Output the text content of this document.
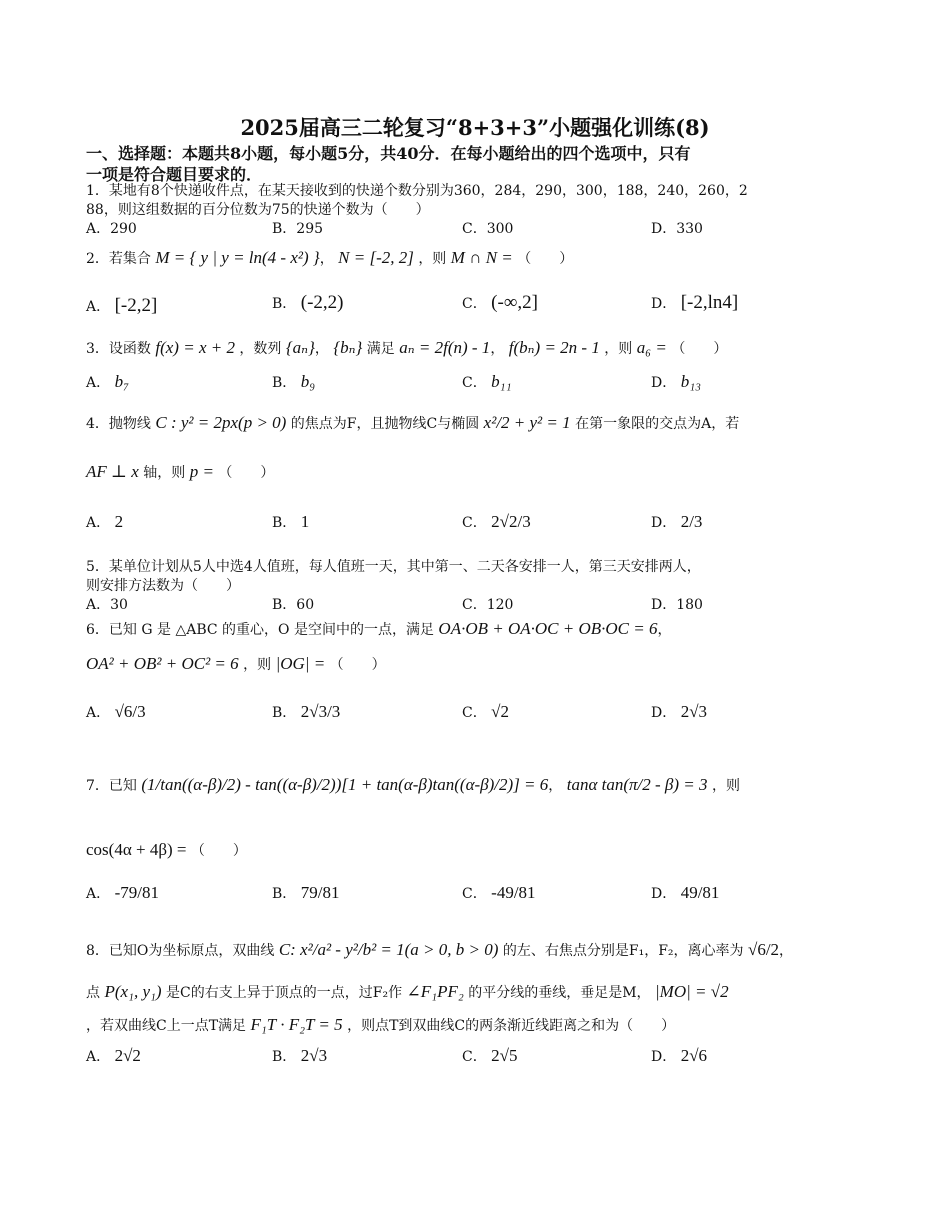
2025届高三二轮复习“8+3+3”小题强化训练(8)
一、选择题：本题共8小题，每小题5分，共40分．在每小题给出的四个选项中，只有
一项是符合题目要求的．
1．某地有8个快递收件点，在某天接收到的快递个数分别为360，284，290，300，188，240，260，2
88，则这组数据的百分位数为75的快递个数为（　　）
A．290	B．295	C．300	D．330
2．若集合 M = { y | y = ln(4 - x²) }， N = [-2, 2] ，则 M ∩ N = （　　）
A． [-2,2]	B． (-2,2)	C． (-∞,2]	D． [-2,ln4]
3．设函数 f(x) = x + 2 ，数列 {aₙ}， {bₙ} 满足 aₙ = 2f(n) - 1， f(bₙ) = 2n - 1 ，则 a₆ = （　　）
A． b₇	B． b₉	C． b₁₁	D． b₁₃
4．抛物线 C : y² = 2px(p > 0) 的焦点为F，且抛物线C与椭圆 x²/2 + y² = 1 在第一象限的交点为A，若
AF ⊥ x 轴，则 p = （　　）
A． 2	B． 1	C． 2√2/3	D． 2/3
5．某单位计划从5人中选4人值班，每人值班一天，其中第一、二天各安排一人，第三天安排两人，
则安排方法数为（　　）
A．30	B．60	C．120	D．180
6．已知 G 是 △ABC 的重心，O 是空间中的一点，满足 OA·OB + OA·OC + OB·OC = 6，
OA² + OB² + OC² = 6 ，则 |OG| = （　　）
A． √6/3	B． 2√3/3	C． √2	D． 2√3
7．已知 (1/tan((α-β)/2) - tan((α-β)/2))[1 + tan(α-β)tan((α-β)/2)] = 6， tanα tan(π/2 - β) = 3 ，则
cos(4α + 4β) = （　　）
A． -79/81	B． 79/81	C． -49/81	D． 49/81
8．已知O为坐标原点，双曲线 C: x²/a² - y²/b² = 1(a > 0, b > 0) 的左、右焦点分别是F₁，F₂，离心率为 √6/2，
点 P(x₁, y₁) 是C的右支上异于顶点的一点，过F₂作 ∠F₁PF₂ 的平分线的垂线，垂足是M， |MO| = √2
，若双曲线C上一点T满足 F₁T · F₂T = 5 ，则点T到双曲线C的两条渐近线距离之和为（　　）
A． 2√2	B． 2√3	C． 2√5	D． 2√6
